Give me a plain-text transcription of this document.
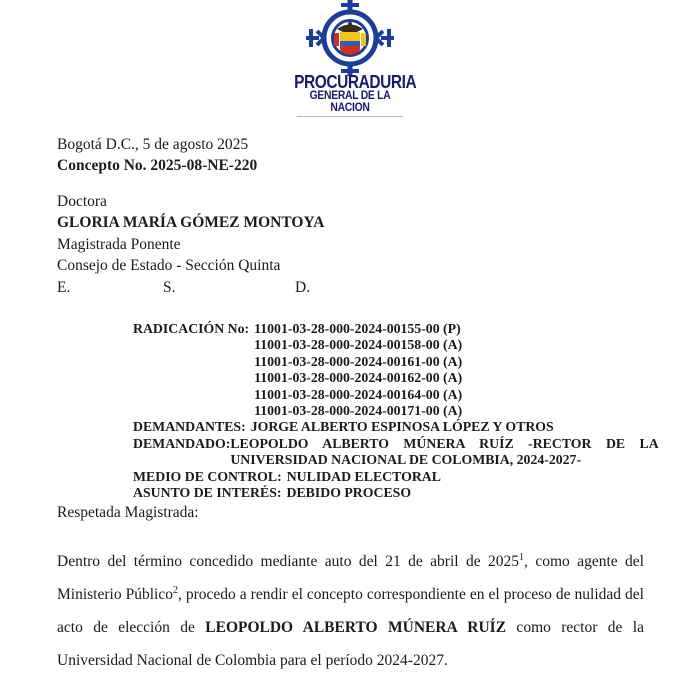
PROCURADURIA
GENERAL DE LA NACION
Bogotá D.C., 5 de agosto 2025
Concepto No. 2025-08-NE-220
Doctora
GLORIA MARÍA GÓMEZ MONTOYA
Magistrada Ponente
Consejo de Estado - Sección Quinta
E.	S.	D.
RADICACIÓN No: 11001-03-28-000-2024-00155-00 (P)
11001-03-28-000-2024-00158-00 (A)
11001-03-28-000-2024-00161-00 (A)
11001-03-28-000-2024-00162-00 (A)
11001-03-28-000-2024-00164-00 (A)
11001-03-28-000-2024-00171-00 (A)
DEMANDANTES: JORGE ALBERTO ESPINOSA LÓPEZ Y OTROS
DEMANDADO: LEOPOLDO ALBERTO MÚNERA RUÍZ -RECTOR DE LA
UNIVERSIDAD NACIONAL DE COLOMBIA, 2024-2027-
MEDIO DE CONTROL: NULIDAD ELECTORAL
ASUNTO DE INTERÉS: DEBIDO PROCESO
Respetada Magistrada:

Dentro del término concedido mediante auto del 21 de abril de 2025$^1$, como agente del Ministerio Público$^2$, procedo a rendir el concepto correspondiente en el proceso de nulidad del acto de elección de LEOPOLDO ALBERTO MÚNERA RUÍZ como rector de la Universidad Nacional de Colombia para el período 2024-2027.
